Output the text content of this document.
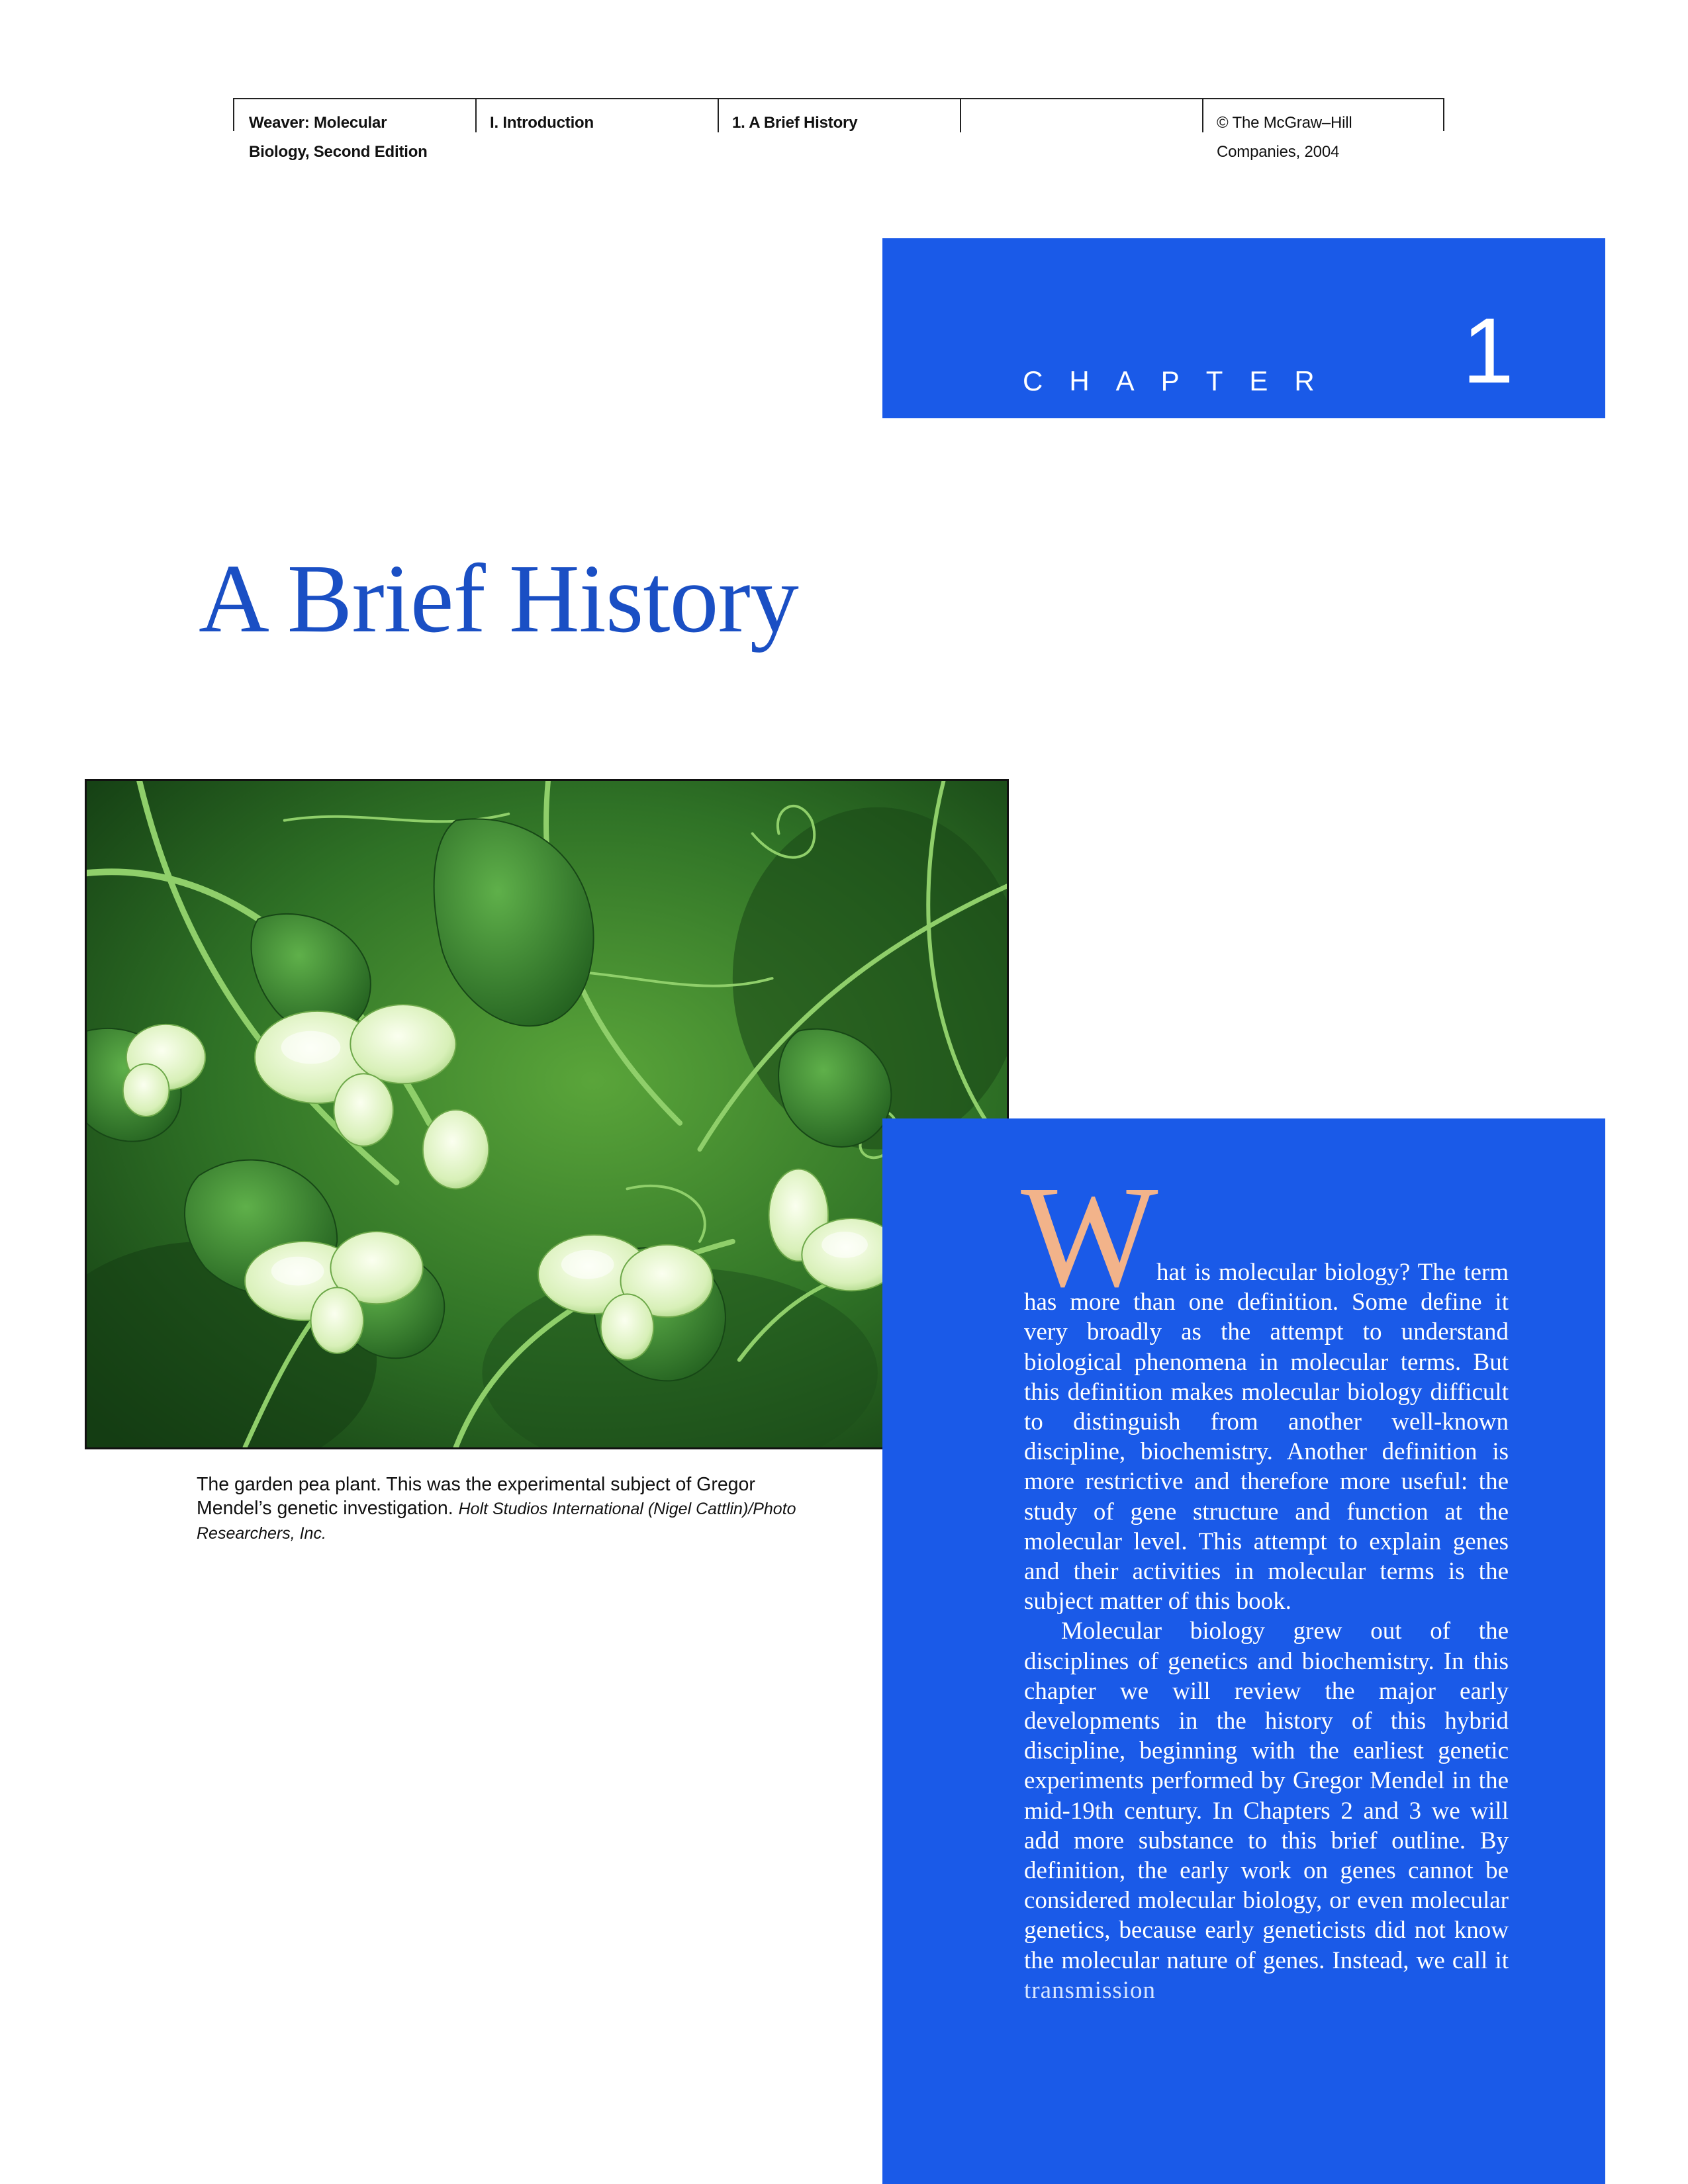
Weaver: Molecular
Biology, Second Edition
I. Introduction	1. A Brief History	© The McGraw–Hill
Companies, 2004
CHAPTER 1
A Brief History
The garden pea plant. This was the experimental subject of Gregor Mendel’s genetic investigation. Holt Studios International (Nigel Cattlin)/Photo Researchers, Inc.
W

hat is molecular biology? The term has more than one definition. Some define it very broadly as the attempt to understand biological phenomena in molecular terms. But this definition makes molecular biology difficult to distinguish from another well-known discipline, biochemistry. Another definition is more restrictive and therefore more useful: the study of gene structure and function at the molecular level. This attempt to explain genes and their activities in molecular terms is the subject matter of this book.

Molecular biology grew out of the disciplines of genetics and biochemistry. In this chapter we will review the major early developments in the history of this hybrid discipline, beginning with the earliest genetic experiments performed by Gregor Mendel in the mid-19th century. In Chapters 2 and 3 we will add more substance to this brief outline. By definition, the early work on genes cannot be considered molecular biology, or even molecular genetics, because early geneticists did not know the molecular nature of genes. Instead, we call it transmission
